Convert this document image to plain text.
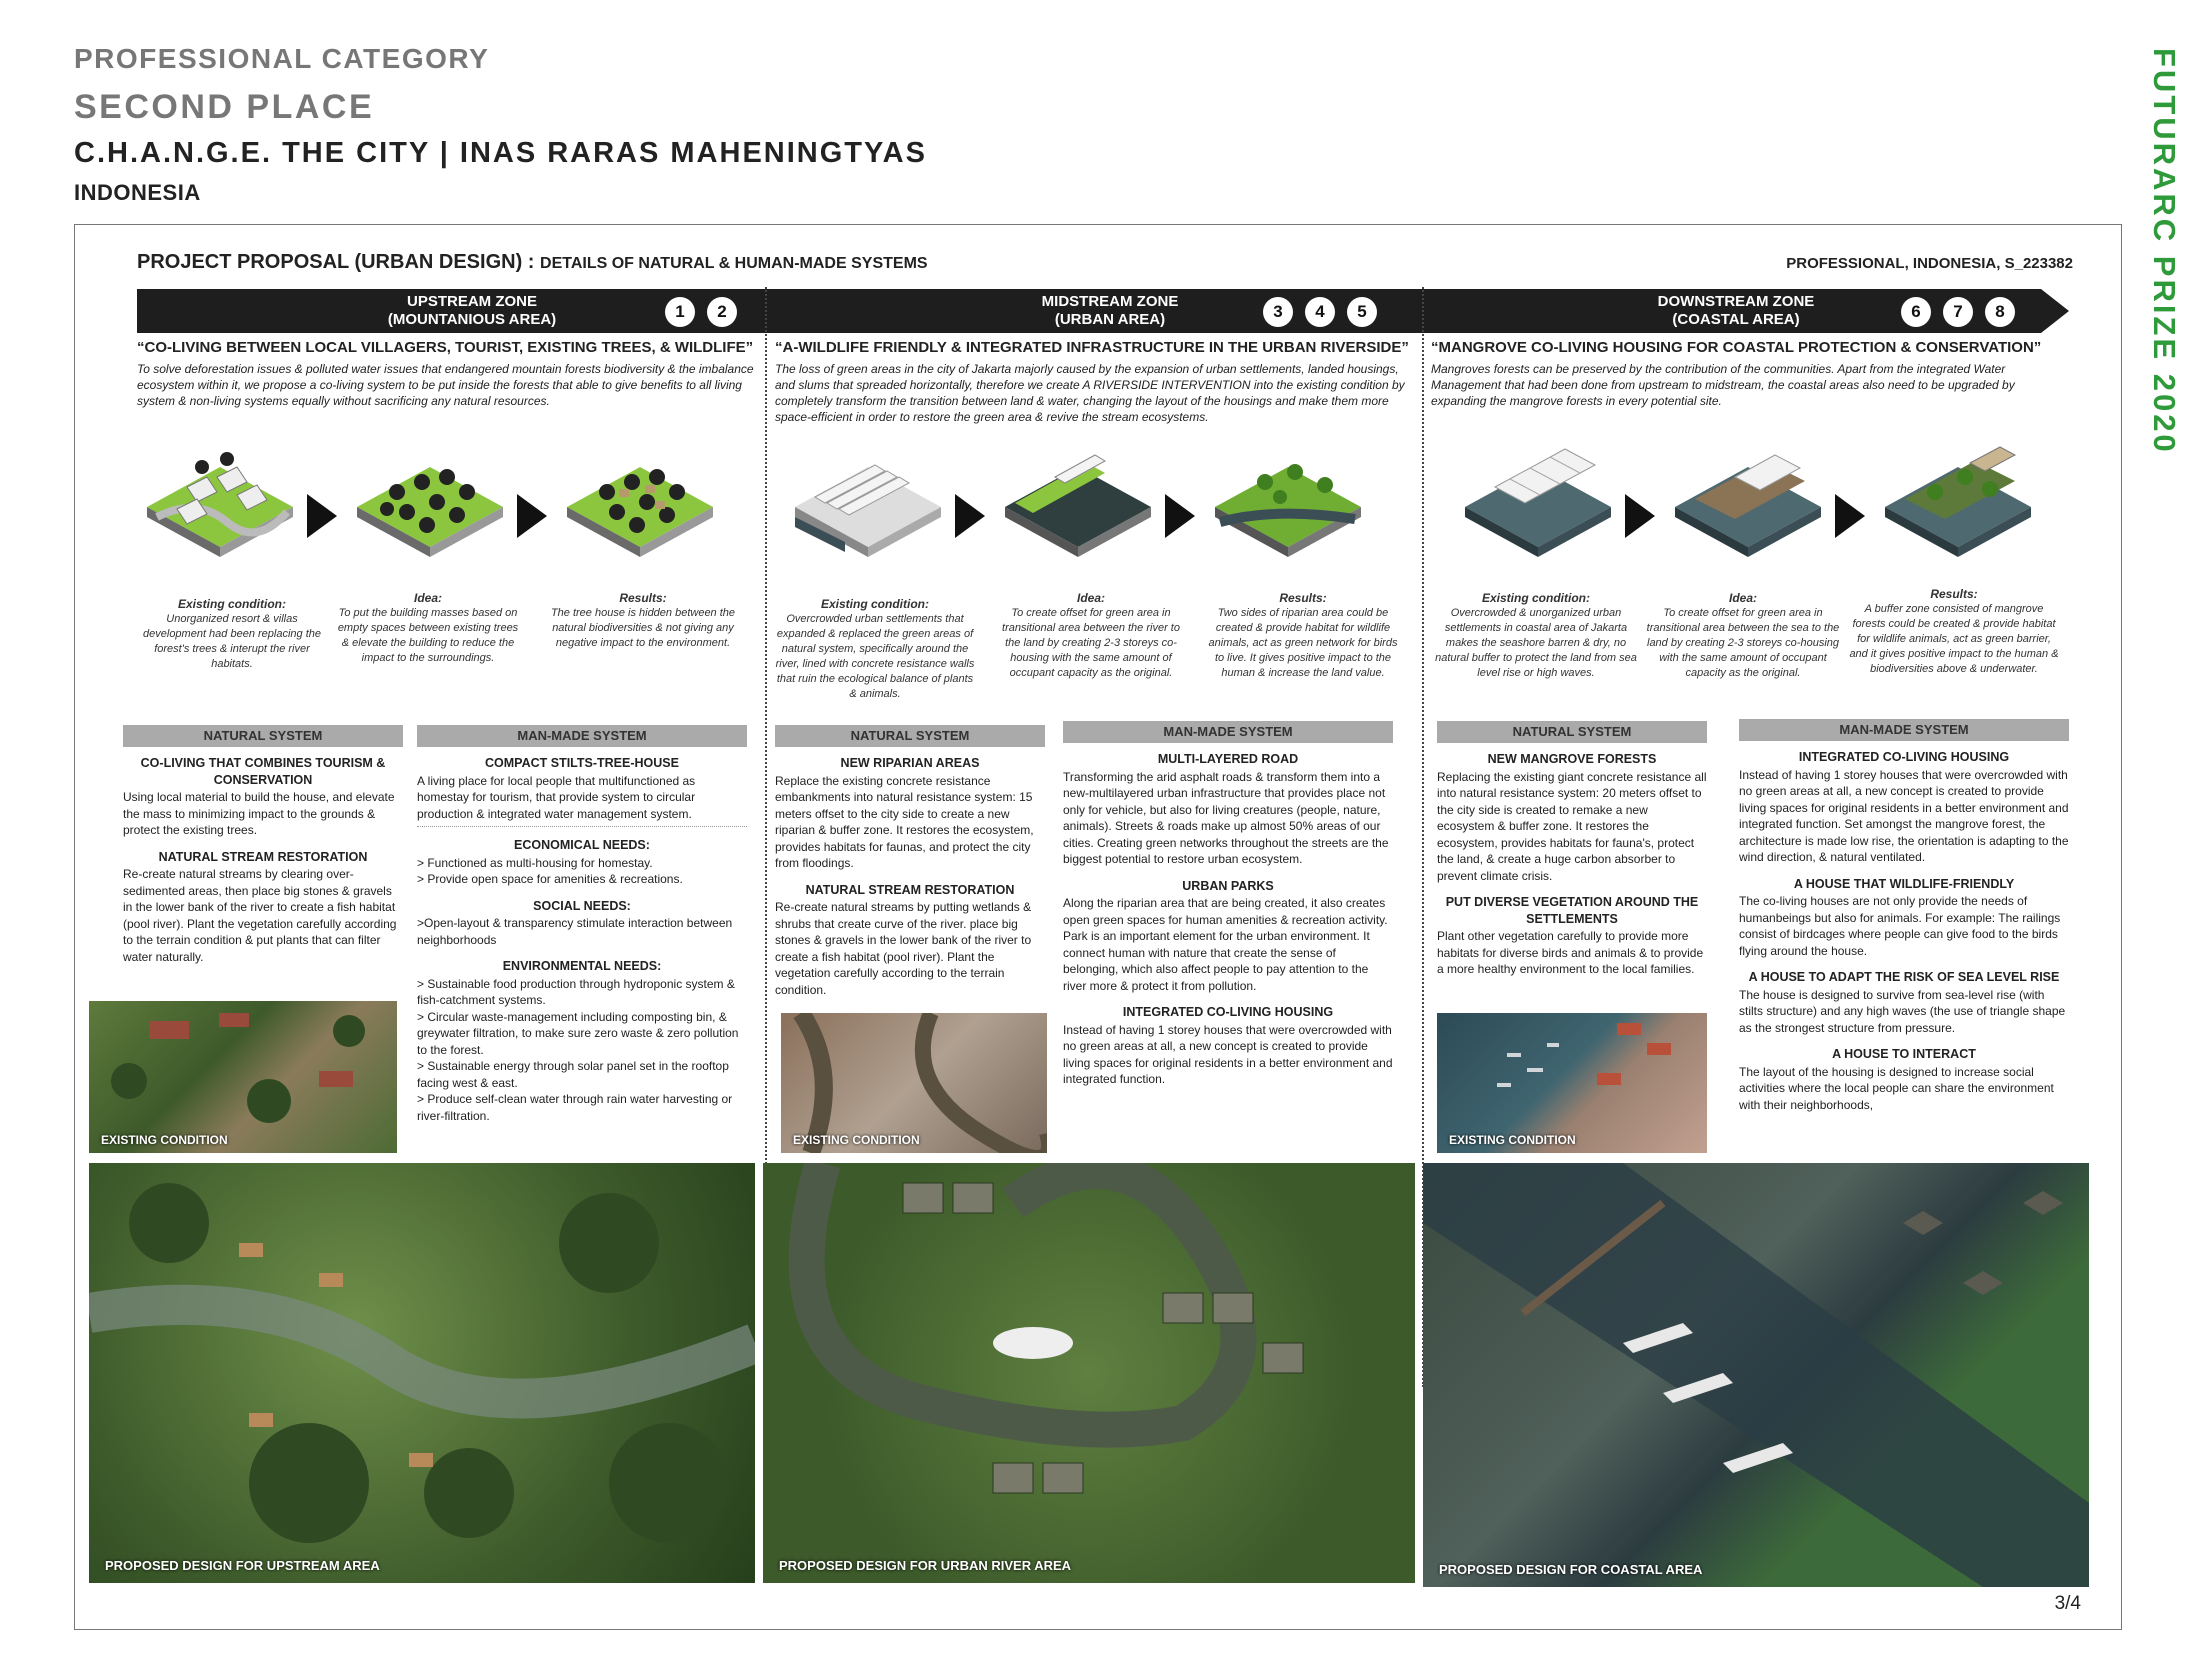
PROFESSIONAL CATEGORY
SECOND PLACE
C.H.A.N.G.E. THE CITY | INAS RARAS MAHENINGTYAS
INDONESIA	FUTURARC PRIZE 2020
PROJECT PROPOSAL (URBAN DESIGN) : DETAILS OF NATURAL & HUMAN-MADE SYSTEMS	PROFESSIONAL, INDONESIA, S_223382
UPSTREAM ZONE
(MOUNTANIOUS AREA)	1	2
MIDSTREAM ZONE
(URBAN AREA)	3	4	5
DOWNSTREAM ZONE
(COASTAL AREA)	6	7	8
“CO-LIVING BETWEEN LOCAL VILLAGERS, TOURIST, EXISTING TREES, & WILDLIFE”
To solve deforestation issues & polluted water issues that endangered mountain forests biodiversity & the imbalance ecosystem within it, we propose a co-living system to be put inside the forests that able to give benefits to all living system & non-living systems equally without sacrificing any natural resources.
“A-WILDLIFE FRIENDLY & INTEGRATED INFRASTRUCTURE IN THE URBAN RIVERSIDE”
The loss of green areas in the city of Jakarta majorly caused by the expansion of urban settlements, landed housings, and slums that spreaded horizontally, therefore we create A RIVERSIDE INTERVENTION into the existing condition by completely transform the transition between land & water, changing the layout of the housings and make them more space-efficient in order to restore the green area & revive the stream ecosystems.
“MANGROVE CO-LIVING HOUSING FOR COASTAL PROTECTION & CONSERVATION”
Mangroves forests can be preserved by the contribution of the communities. Apart from the integrated Water Management that had been done from upstream to midstream, the coastal areas also need to be upgraded by expanding the mangrove forests in every potential site.
Existing condition:
Unorganized resort & villas development had been replacing the forest's trees & interupt the river habitats.
Idea:
To put the building masses based on empty spaces between existing trees & elevate the building to reduce the impact to the surroundings.
Results:
The tree house is hidden between the natural biodiversities & not giving any negative impact to the environment.
Existing condition:
Overcrowded urban settlements that expanded & replaced the green areas of natural system, specifically around the river, lined with concrete resistance walls that ruin the ecological balance of plants & animals.
Idea:
To create offset for green area in transitional area between the river to the land by creating 2-3 storeys co-housing with the same amount of occupant capacity as the original.
Results:
Two sides of riparian area could be created & provide habitat for wildlife animals, act as green network for birds to live. It gives positive impact to the human & increase the land value.
Existing condition:
Overcrowded & unorganized urban settlements in coastal area of Jakarta makes the seashore barren & dry, no natural buffer to protect the land from sea level rise or high waves.
Idea:
To create offset for green area in transitional area between the sea to the land by creating 2-3 storeys co-housing with the same amount of occupant capacity as the original.
Results:
A buffer zone consisted of mangrove forests could be created & provide habitat for wildlife animals, act as green barrier, and it gives positive impact to the human & biodiversities above & underwater.
NATURAL SYSTEM	MAN-MADE SYSTEM	NATURAL SYSTEM	MAN-MADE SYSTEM	NATURAL SYSTEM	MAN-MADE SYSTEM
CO-LIVING THAT COMBINES TOURISM & CONSERVATION

Using local material to build the house, and elevate the mass to minimizing impact to the grounds & protect the existing trees.

NATURAL STREAM RESTORATION

Re-create natural streams by clearing over-sedimented areas, then place big stones & gravels in the lower bank of the river to create a fish habitat (pool river). Plant the vegetation carefully according to the terrain condition & put plants that can filter water naturally.

COMPACT STILTS-TREE-HOUSE

A living place for local people that multifunctioned as homestay for tourism, that provide system to circular production & integrated water management system.

ECONOMICAL NEEDS:

> Functioned as multi-housing for homestay.

> Provide open space for amenities & recreations.

SOCIAL NEEDS:

>Open-layout & transparency stimulate interaction between neighborhoods

ENVIRONMENTAL NEEDS:

> Sustainable food production through hydroponic system & fish-catchment systems.

> Circular waste-management including composting bin, & greywater filtration, to make sure zero waste & zero pollution to the forest.

> Sustainable energy through solar panel set in the rooftop facing west & east.

> Produce self-clean water through rain water harvesting or river-filtration.

NEW RIPARIAN AREAS

Replace the existing concrete resistance embankments into natural resistance system: 15 meters offset to the city side to create a new riparian & buffer zone. It restores the ecosystem, provides habitats for faunas, and protect the city from floodings.

NATURAL STREAM RESTORATION

Re-create natural streams by putting wetlands & shrubs that create curve of the river. place big stones & gravels in the lower bank of the river to create a fish habitat (pool river). Plant the vegetation carefully according to the terrain condition.

MULTI-LAYERED ROAD

Transforming the arid asphalt roads & transform them into a new-multilayered urban infrastructure that provides place not only for vehicle, but also for living creatures (people, nature, animals). Streets & roads make up almost 50% areas of our cities. Creating green networks throughout the streets are the biggest potential to restore urban ecosystem.

URBAN PARKS

Along the riparian area that are being created, it also creates open green spaces for human amenities & recreation activity. Park is an important element for the urban environment. It connect human with nature that create the sense of belonging, which also affect people to pay attention to the river more & protect it from pollution.

INTEGRATED CO-LIVING HOUSING

Instead of having 1 storey houses that were overcrowded with no green areas at all, a new concept is created to provide living spaces for original residents in a better environment and integrated function.

NEW MANGROVE FORESTS

Replacing the existing giant concrete resistance all into natural resistance system: 20 meters offset to the city side is created to remake a new ecosystem & buffer zone. It restores the ecosystem, provides habitats for fauna's, protect the land, & create a huge carbon absorber to prevent climate crisis.

PUT DIVERSE VEGETATION AROUND THE SETTLEMENTS

Plant other vegetation carefully to provide more habitats for diverse birds and animals & to provide a more healthy environment to the local families.

INTEGRATED CO-LIVING HOUSING

Instead of having 1 storey houses that were overcrowded with no green areas at all, a new concept is created to provide living spaces for original residents in a better environment and integrated function. Set amongst the mangrove forest, the architecture is made low rise, the orientation is adapting to the wind direction, & natural ventilated.

A HOUSE THAT WILDLIFE-FRIENDLY

The co-living houses are not only provide the needs of humanbeings but also for animals. For example: The railings consist of birdcages where people can give food to the birds flying around the house.

A HOUSE TO ADAPT THE RISK OF SEA LEVEL RISE

The house is designed to survive from sea-level rise (with stilts structure) and any high waves (the use of triangle shape as the strongest structure from pressure.

A HOUSE TO INTERACT

The layout of the housing is designed to increase social activities where the local people can share the environment with their neighborhoods,

EXISTING CONDITION	EXISTING CONDITION	EXISTING CONDITION
PROPOSED DESIGN FOR UPSTREAM AREA	PROPOSED DESIGN FOR URBAN RIVER AREA	PROPOSED DESIGN FOR COASTAL AREA
3/4
